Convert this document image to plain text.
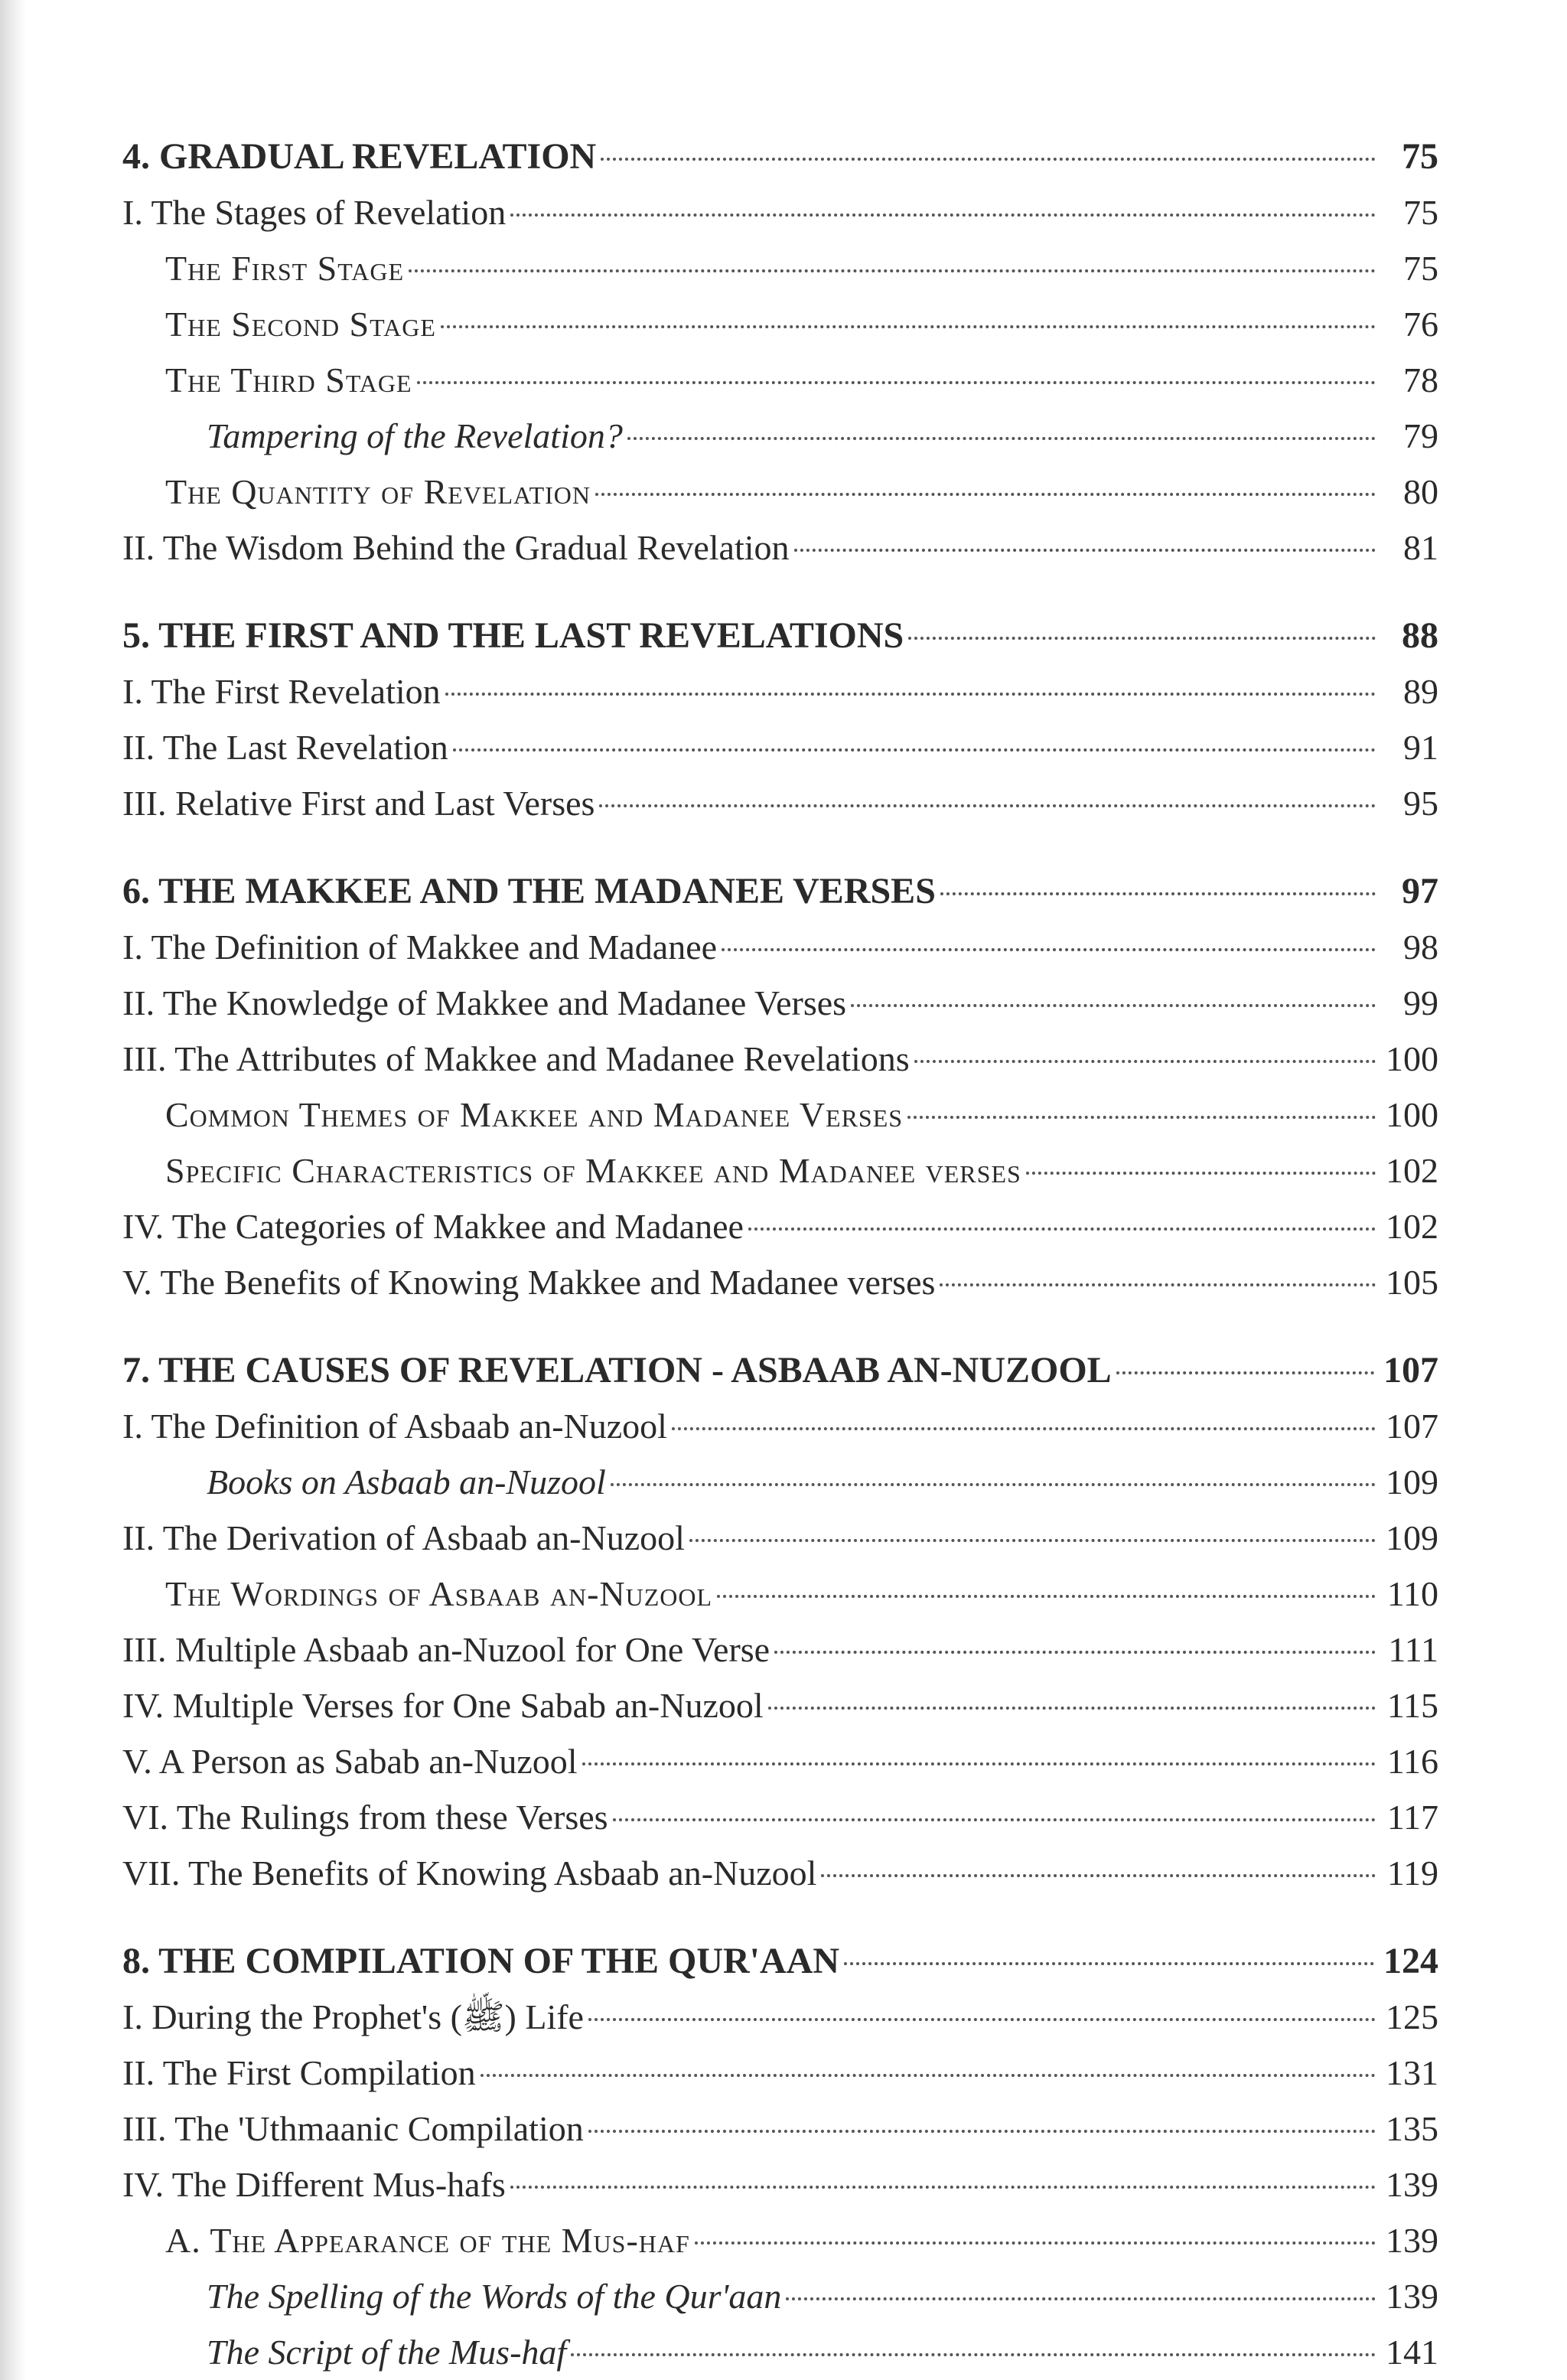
4. GRADUAL REVELATION	75
I. The Stages of Revelation	75
The First Stage	75
The Second Stage	76
The Third Stage	78
Tampering of the Revelation?	79
The Quantity of Revelation	80
II. The Wisdom Behind the Gradual Revelation	81
5. THE FIRST AND THE LAST REVELATIONS	88
I. The First Revelation	89
II. The Last Revelation	91
III. Relative First and Last Verses	95
6. THE MAKKEE AND THE MADANEE VERSES	97
I. The Definition of Makkee and Madanee	98
II. The Knowledge of Makkee and Madanee Verses	99
III. The Attributes of Makkee and Madanee Revelations	100
Common Themes of Makkee and Madanee Verses	100
Specific Characteristics of Makkee and Madanee verses	102
IV. The Categories of Makkee and Madanee	102
V. The Benefits of Knowing Makkee and Madanee verses	105
7. THE CAUSES OF REVELATION - ASBAAB AN-NUZOOL	107
I. The Definition of Asbaab an-Nuzool	107
Books on Asbaab an-Nuzool	109
II. The Derivation of Asbaab an-Nuzool	109
The Wordings of Asbaab an-Nuzool	110
III. Multiple Asbaab an-Nuzool for One Verse	111
IV. Multiple Verses for One Sabab an-Nuzool	115
V. A Person as Sabab an-Nuzool	116
VI. The Rulings from these Verses	117
VII. The Benefits of Knowing Asbaab an-Nuzool	119
8. THE COMPILATION OF THE QUR'AAN	124
I. During the Prophet's (ﷺ) Life	125
II. The First Compilation	131
III. The 'Uthmaanic Compilation	135
IV. The Different Mus-hafs	139
A. The Appearance of the Mus-haf	139
The Spelling of the Words of the Qur'aan	139
The Script of the Mus-haf	141
